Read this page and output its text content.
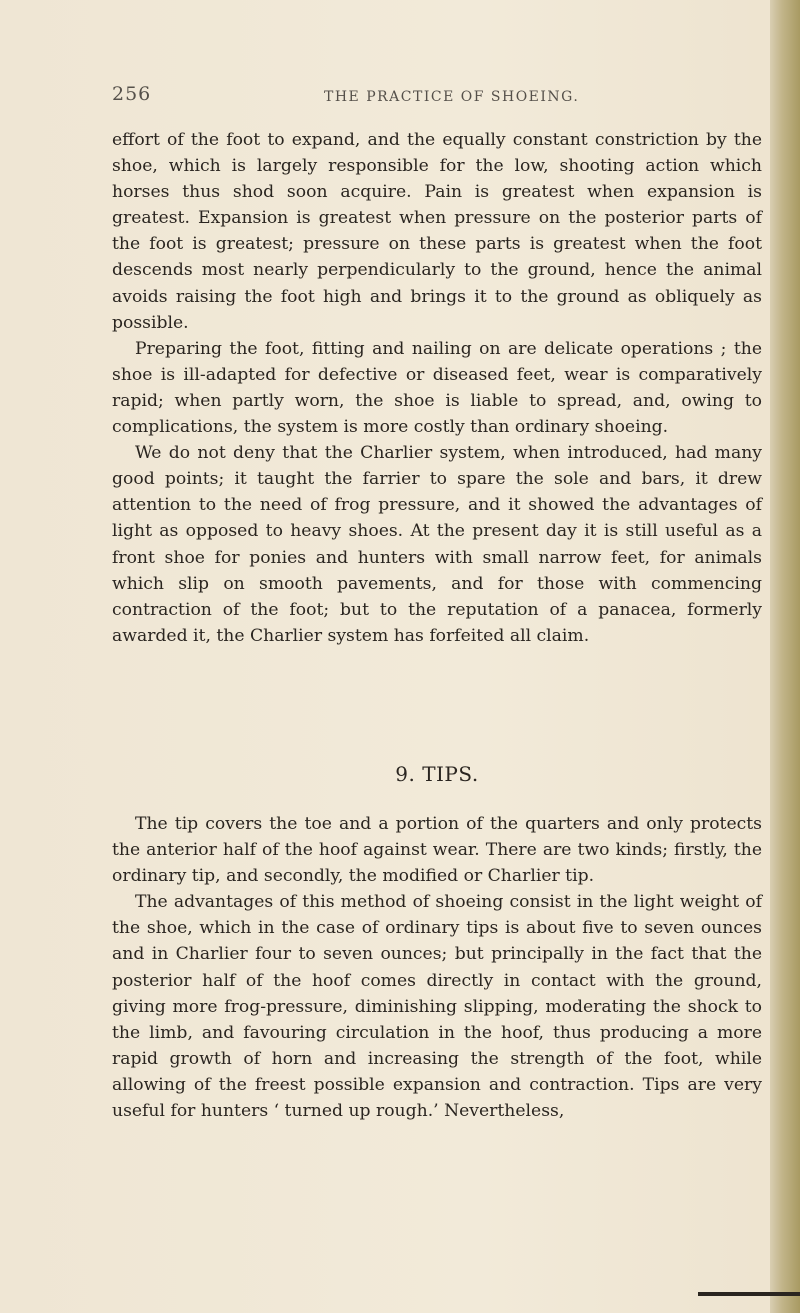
256	THE PRACTICE OF SHOEING.

effort of the foot to expand, and the equally constant constriction by the shoe, which is largely responsible for the low, shooting action which horses thus shod soon acquire. Pain is greatest when expansion is greatest. Expansion is greatest when pressure on the posterior parts of the foot is greatest; pressure on these parts is greatest when the foot descends most nearly perpendicularly to the ground, hence the animal avoids raising the foot high and brings it to the ground as obliquely as possible.

Preparing the foot, fitting and nailing on are delicate operations ; the shoe is ill-adapted for defective or diseased feet, wear is comparatively rapid; when partly worn, the shoe is liable to spread, and, owing to complications, the system is more costly than ordinary shoeing.

We do not deny that the Charlier system, when introduced, had many good points; it taught the farrier to spare the sole and bars, it drew attention to the need of frog pressure, and it showed the advantages of light as opposed to heavy shoes. At the present day it is still useful as a front shoe for ponies and hunters with small narrow feet, for animals which slip on smooth pavements, and for those with commencing contraction of the foot; but to the reputation of a panacea, formerly awarded it, the Charlier system has forfeited all claim.

9. TIPS.

The tip covers the toe and a portion of the quarters and only protects the anterior half of the hoof against wear. There are two kinds; firstly, the ordinary tip, and secondly, the modified or Charlier tip.

The advantages of this method of shoeing consist in the light weight of the shoe, which in the case of ordinary tips is about five to seven ounces and in Charlier four to seven ounces; but principally in the fact that the posterior half of the hoof comes directly in contact with the ground, giving more frog-pressure, diminishing slipping, moderating the shock to the limb, and favouring circulation in the hoof, thus producing a more rapid growth of horn and increasing the strength of the foot, while allowing of the freest possible expansion and contraction. Tips are very useful for hunters ‘ turned up rough.’ Nevertheless,
